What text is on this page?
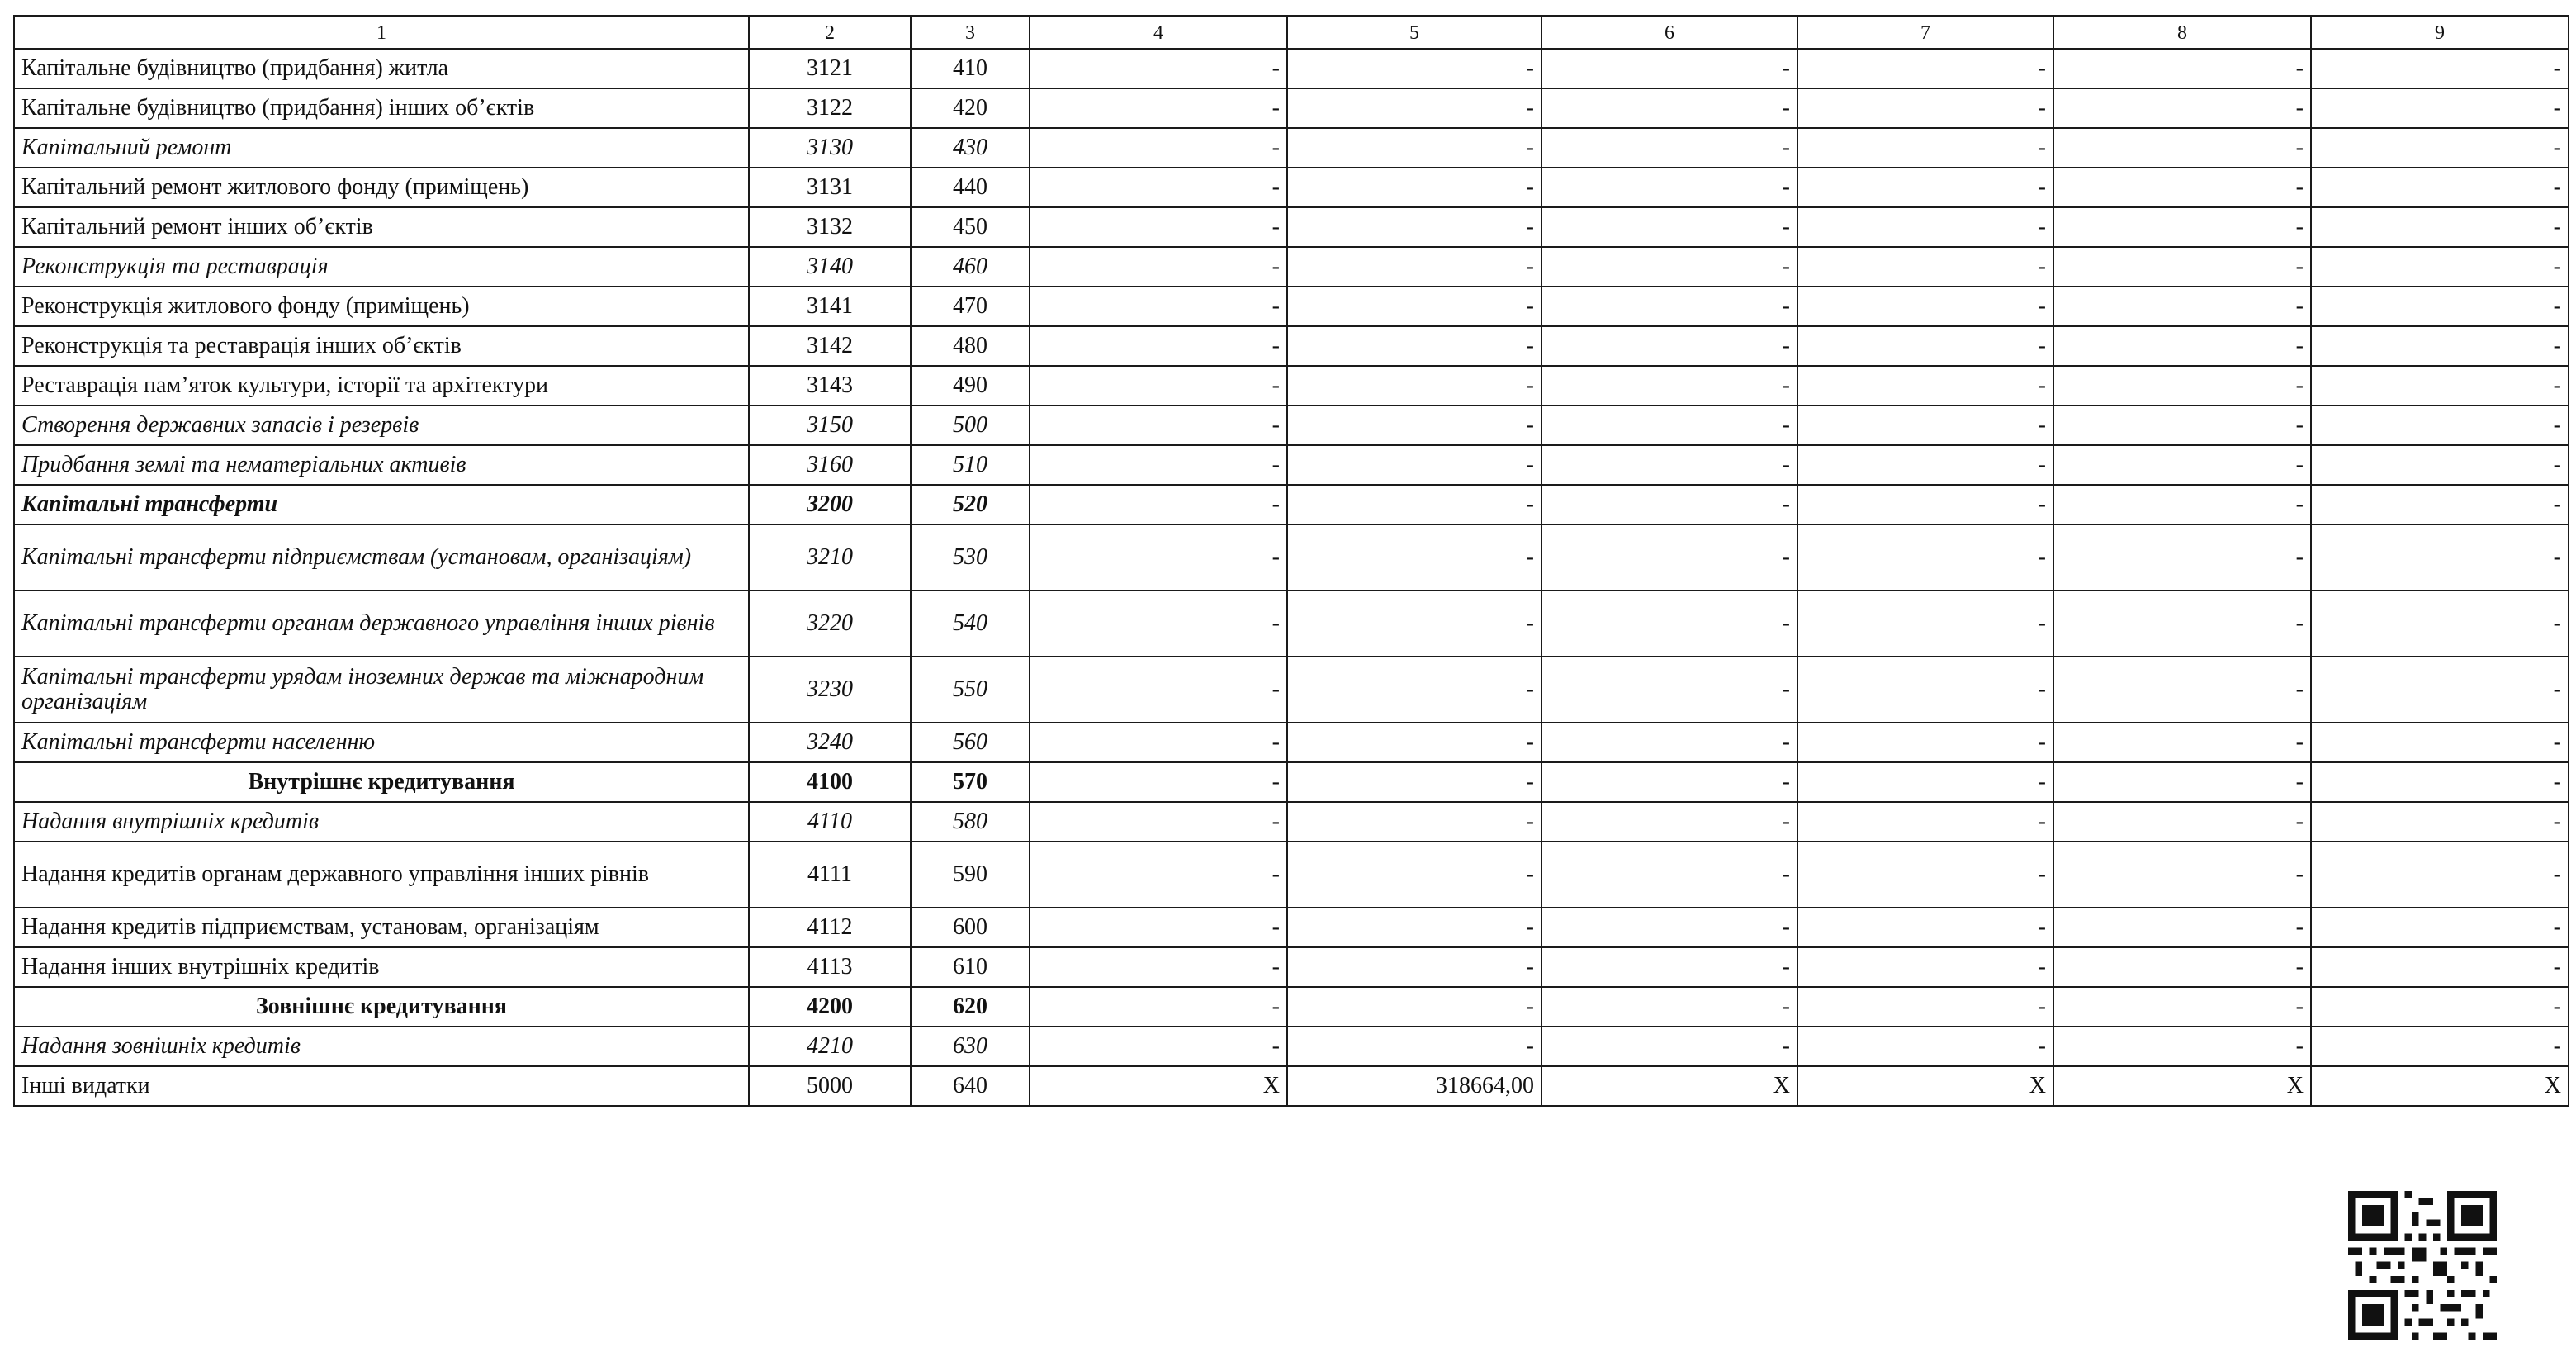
1	2	3	4	5	6	7	8	9
Капітальне будівництво (придбання) житла	3121	410	-	-	-	-	-	-
Капітальне будівництво (придбання) інших об’єктів	3122	420	-	-	-	-	-	-
Капітальний ремонт	3130	430	-	-	-	-	-	-
Капітальний ремонт житлового фонду (приміщень)	3131	440	-	-	-	-	-	-
Капітальний ремонт інших об’єктів	3132	450	-	-	-	-	-	-
Реконструкція та реставрація	3140	460	-	-	-	-	-	-
Реконструкція житлового фонду (приміщень)	3141	470	-	-	-	-	-	-
Реконструкція та реставрація інших об’єктів	3142	480	-	-	-	-	-	-
Реставрація пам’яток культури, історії та архітектури	3143	490	-	-	-	-	-	-
Створення державних запасів і резервів	3150	500	-	-	-	-	-	-
Придбання землі та нематеріальних активів	3160	510	-	-	-	-	-	-
Капітальні трансферти	3200	520	-	-	-	-	-	-
Капітальні трансферти підприємствам (установам, організаціям)	3210	530	-	-	-	-	-	-
Капітальні трансферти органам державного управління інших рівнів	3220	540	-	-	-	-	-	-
Капітальні трансферти урядам іноземних держав та міжнародним організаціям	3230	550	-	-	-	-	-	-
Капітальні трансферти населенню	3240	560	-	-	-	-	-	-
Внутрішнє кредитування	4100	570	-	-	-	-	-	-
Надання внутрішніх кредитів	4110	580	-	-	-	-	-	-
Надання кредитів органам державного управління інших рівнів	4111	590	-	-	-	-	-	-
Надання кредитів підприємствам, установам, організаціям	4112	600	-	-	-	-	-	-
Надання інших внутрішніх кредитів	4113	610	-	-	-	-	-	-
Зовнішнє кредитування	4200	620	-	-	-	-	-	-
Надання зовнішніх кредитів	4210	630	-	-	-	-	-	-
Інші видатки	5000	640	X	318664,00	X	X	X	X
